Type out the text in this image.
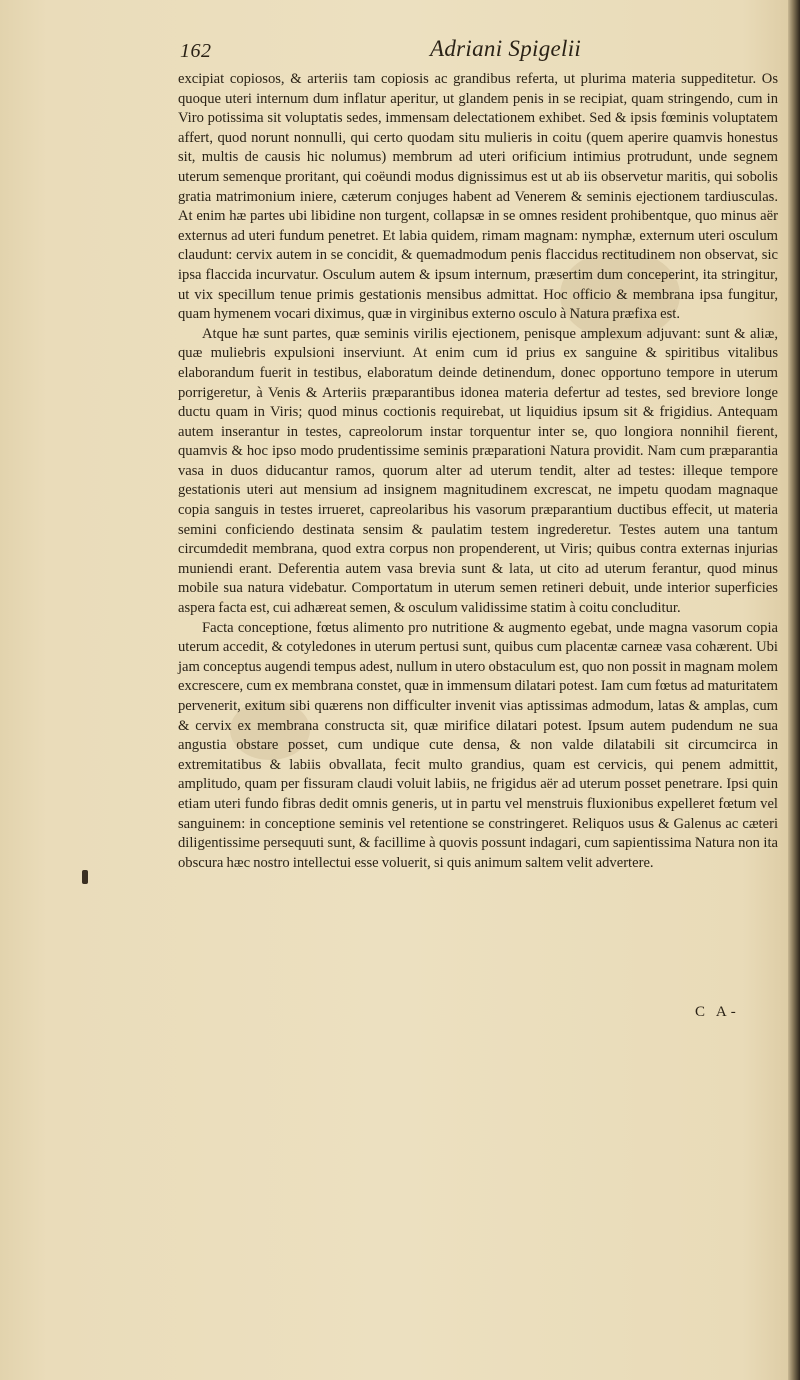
162	Adriani Spigelii

excipiat copiosos, & arteriis tam copiosis ac grandibus referta, ut plurima materia suppeditetur. Os quoque uteri internum dum inflatur aperitur, ut glandem penis in se recipiat, quam stringendo, cum in Viro potissima sit voluptatis sedes, immensam delectationem exhibet. Sed & ipsis fœminis voluptatem affert, quod norunt nonnulli, qui certo quodam situ mulieris in coitu (quem aperire quamvis honestus sit, multis de causis hic nolumus) membrum ad uteri orificium intimius protrudunt, unde segnem uterum semenque proritant, qui coëundi modus dignissimus est ut ab iis observetur maritis, qui sobolis gratia matrimonium iniere, cæterum conjuges habent ad Venerem & seminis ejectionem tardiusculas. At enim hæ partes ubi libidine non turgent, collapsæ in se omnes resident prohibentque, quo minus aër externus ad uteri fundum penetret. Et labia quidem, rimam magnam: nymphæ, externum uteri osculum claudunt: cervix autem in se concidit, & quemadmodum penis flaccidus rectitudinem non observat, sic ipsa flaccida incurvatur. Osculum autem & ipsum internum, præsertim dum conceperint, ita stringitur, ut vix specillum tenue primis gestationis mensibus admittat. Hoc officio & membrana ipsa fungitur, quam hymenem vocari diximus, quæ in virginibus externo osculo à Natura præfixa est.

Atque hæ sunt partes, quæ seminis virilis ejectionem, penisque amplexum adjuvant: sunt & aliæ, quæ muliebris expulsioni inserviunt. At enim cum id prius ex sanguine & spiritibus vitalibus elaborandum fuerit in testibus, elaboratum deinde detinendum, donec opportuno tempore in uterum porrigeretur, à Venis & Arteriis præparantibus idonea materia defertur ad testes, sed breviore longe ductu quam in Viris; quod minus coctionis requirebat, ut liquidius ipsum sit & frigidius. Antequam autem inserantur in testes, capreolorum instar torquentur inter se, quo longiora nonnihil fierent, quamvis & hoc ipso modo prudentissime seminis præparationi Natura providit. Nam cum præparantia vasa in duos diducantur ramos, quorum alter ad uterum tendit, alter ad testes: illeque tempore gestationis uteri aut mensium ad insignem magnitudinem excrescat, ne impetu quodam magnaque copia sanguis in testes irrueret, capreolaribus his vasorum præparantium ductibus effecit, ut materia semini conficiendo destinata sensim & paulatim testem ingrederetur. Testes autem una tantum circumdedit membrana, quod extra corpus non propenderent, ut Viris; quibus contra externas injurias muniendi erant. Deferentia autem vasa brevia sunt & lata, ut cito ad uterum ferantur, quod minus mobile sua natura videbatur. Comportatum in uterum semen retineri debuit, unde interior superficies aspera facta est, cui adhæreat semen, & osculum validissime statim à coitu concluditur.

Facta conceptione, fœtus alimento pro nutritione & augmento egebat, unde magna vasorum copia uterum accedit, & cotyledones in uterum pertusi sunt, quibus cum placentæ carneæ vasa cohærent. Ubi jam conceptus augendi tempus adest, nullum in utero obstaculum est, quo non possit in magnam molem excrescere, cum ex membrana constet, quæ in immensum dilatari potest. Iam cum fœtus ad maturitatem pervenerit, exitum sibi quærens non difficulter invenit vias aptissimas admodum, latas & amplas, cum & cervix ex membrana constructa sit, quæ mirifice dilatari potest. Ipsum autem pudendum ne sua angustia obstare posset, cum undique cute densa, & non valde dilatabili sit circumcirca in extremitatibus & labiis obvallata, fecit multo grandius, quam est cervicis, qui penem admittit, amplitudo, quam per fissuram claudi voluit labiis, ne frigidus aër ad uterum posset penetrare. Ipsi quin etiam uteri fundo fibras dedit omnis generis, ut in partu vel menstruis fluxionibus expelleret fœtum vel sanguinem: in conceptione seminis vel retentione se constringeret. Reliquos usus & Galenus ac cæteri diligentissime persequuti sunt, & facillime à quovis possunt indagari, cum sapientissima Natura non ita obscura hæc nostro intellectui esse voluerit, si quis animum saltem velit advertere.

C A-
